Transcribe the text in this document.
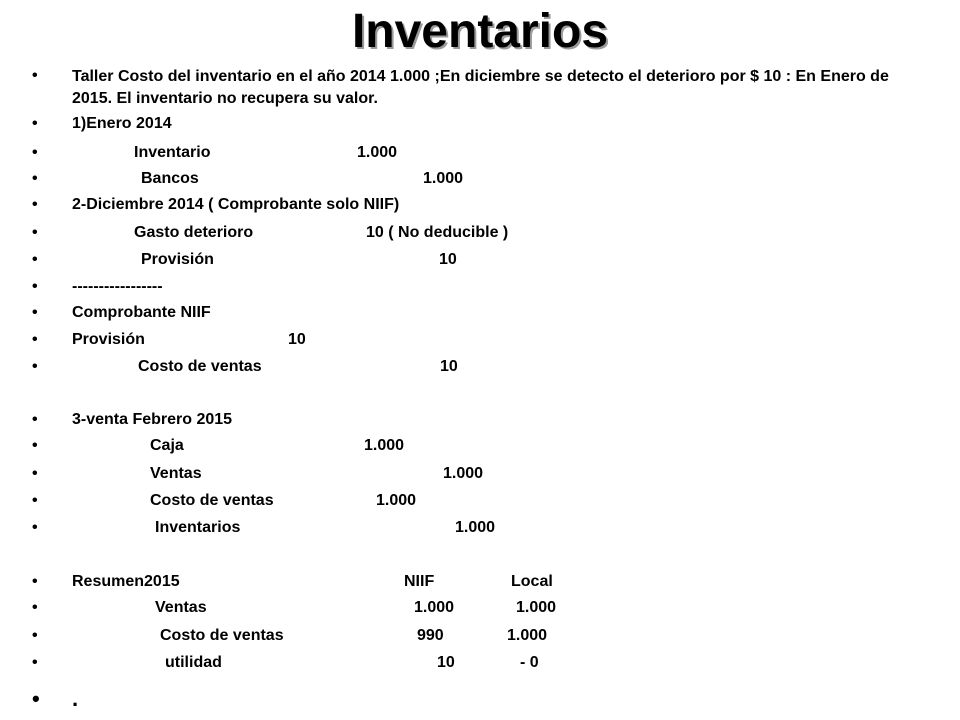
Inventarios
• Taller Costo del inventario en el año 2014 1.000 ;En diciembre se detecto el deterioro por $ 10 : En Enero de 2015. El inventario no recupera su valor.
• 1)Enero 2014
•	Inventario	1.000
•	Bancos	1.000
• 2-Diciembre 2014 ( Comprobante solo NIIF)
•	Gasto deterioro	10 ( No deducible )
•	Provisión	10
• -----------------
• Comprobante NIIF
• Provisión	10
•	Costo de ventas	10
• 3-venta Febrero 2015
•	Caja	1.000
•	Ventas	1.000
•	Costo de ventas	1.000
•	Inventarios	1.000
• Resumen2015	NIIF	Local
•	Ventas	1.000	1.000
•	Costo de ventas	990	1.000
•	utilidad	10	- 0
• .
